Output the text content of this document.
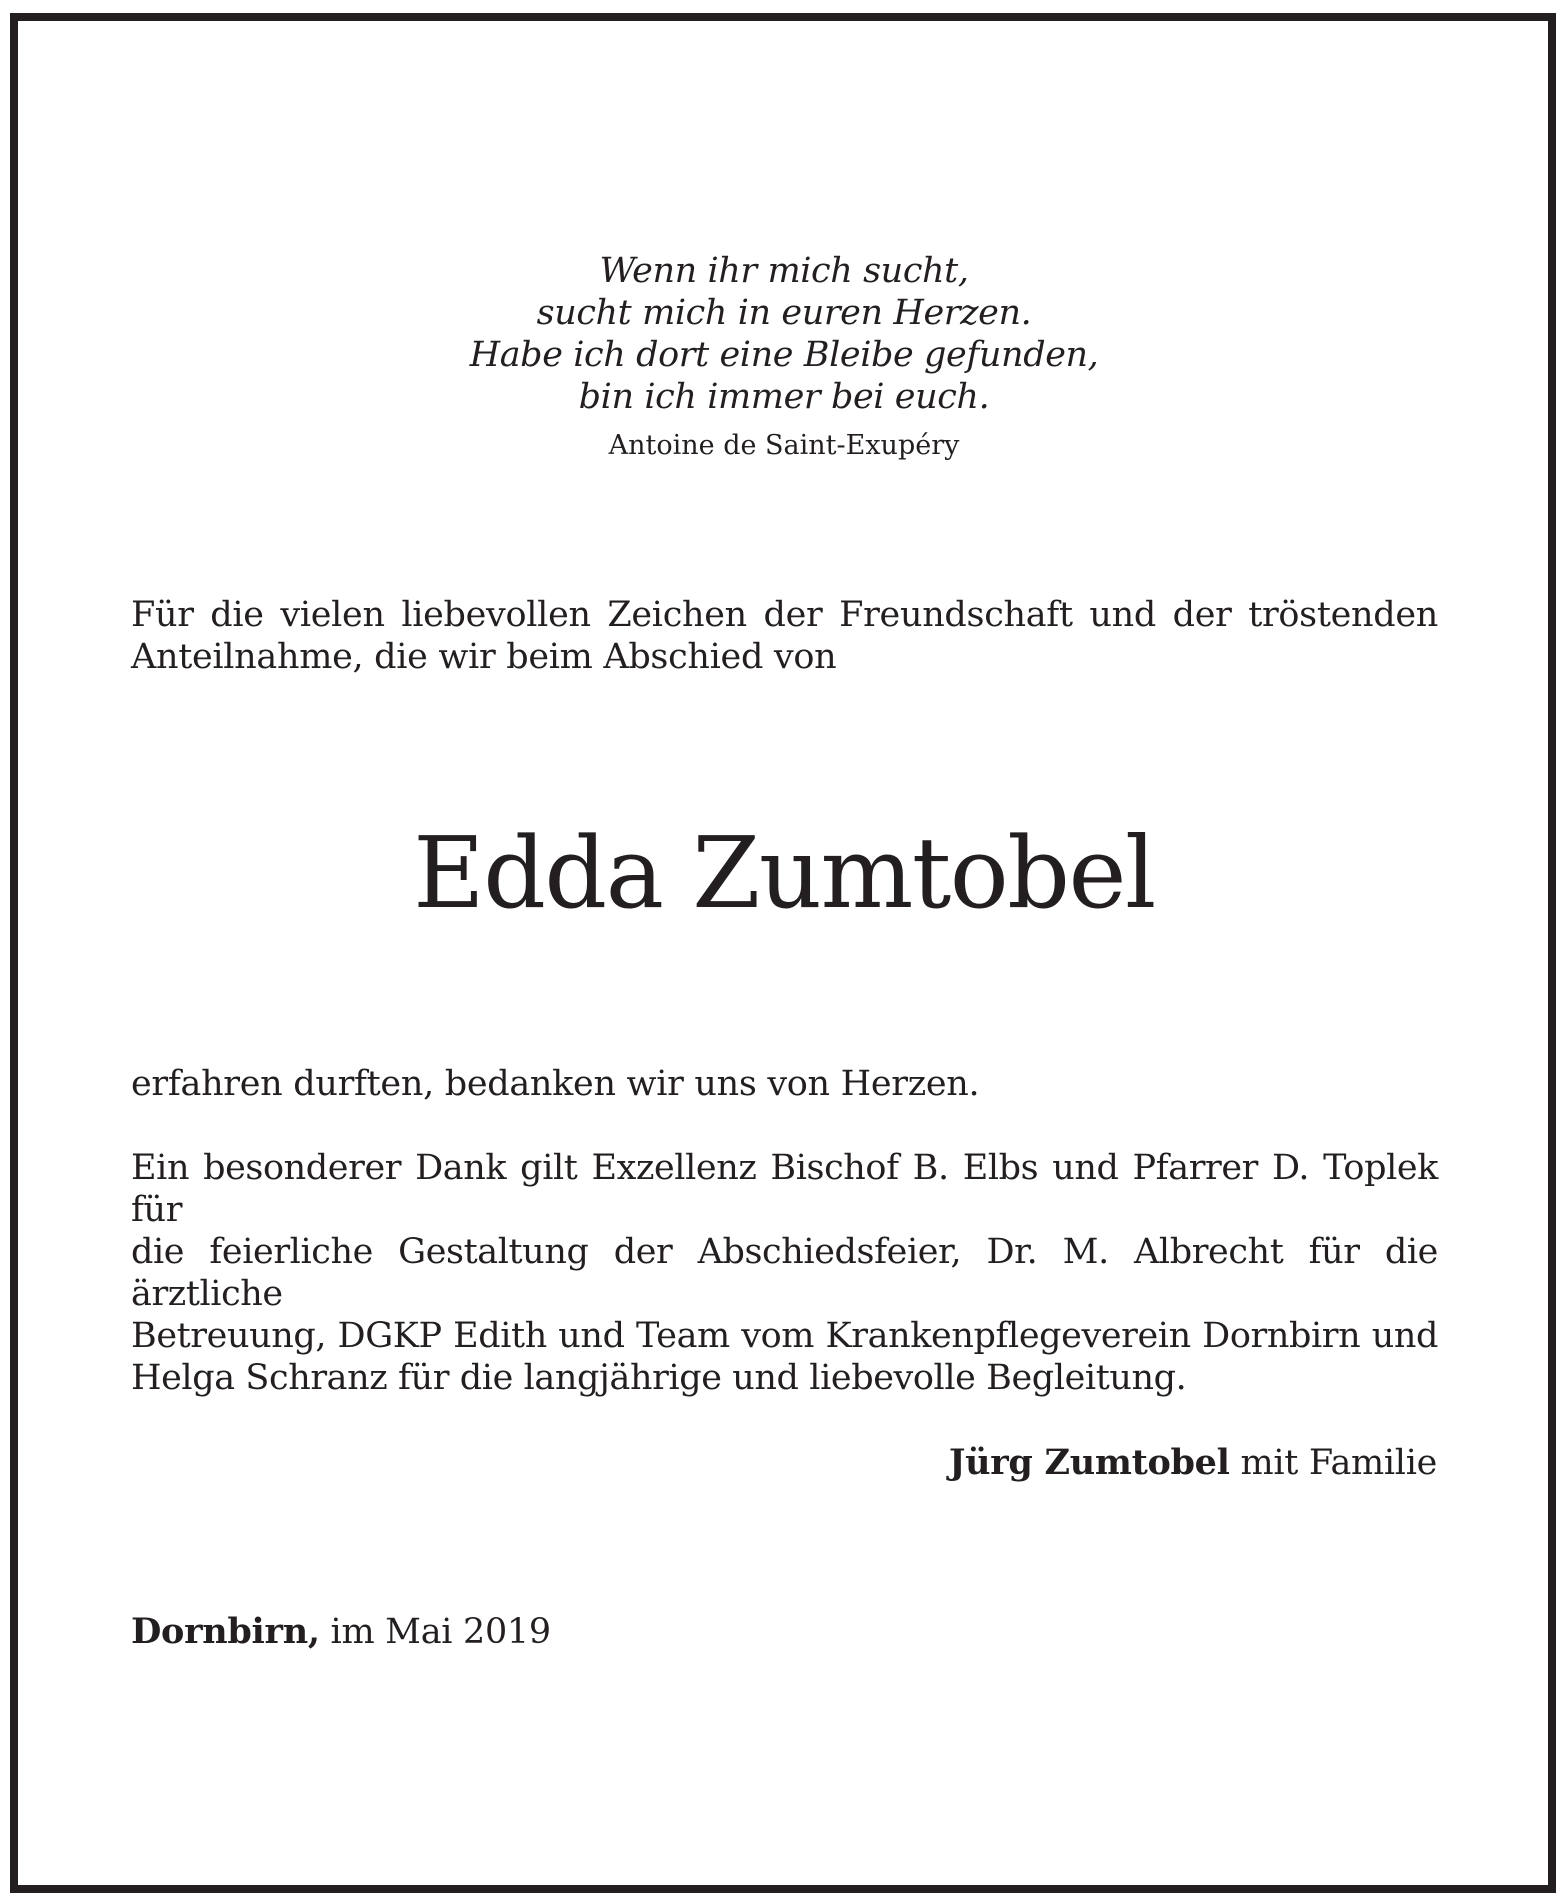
Wenn ihr mich sucht,
sucht mich in euren Herzen.
Habe ich dort eine Bleibe gefunden,
bin ich immer bei euch.
Antoine de Saint-Exupéry
Für die vielen liebevollen Zeichen der Freundschaft und der tröstenden
Anteilnahme, die wir beim Abschied von
Edda Zumtobel
erfahren durften, bedanken wir uns von Herzen.
Ein besonderer Dank gilt Exzellenz Bischof B. Elbs und Pfarrer D. Toplek für
die feierliche Gestaltung der Abschiedsfeier, Dr. M. Albrecht für die ärztliche
Betreuung, DGKP Edith und Team vom Krankenpflegeverein Dornbirn und
Helga Schranz für die langjährige und liebevolle Begleitung.
Jürg Zumtobel mit Familie
Dornbirn, im Mai 2019
